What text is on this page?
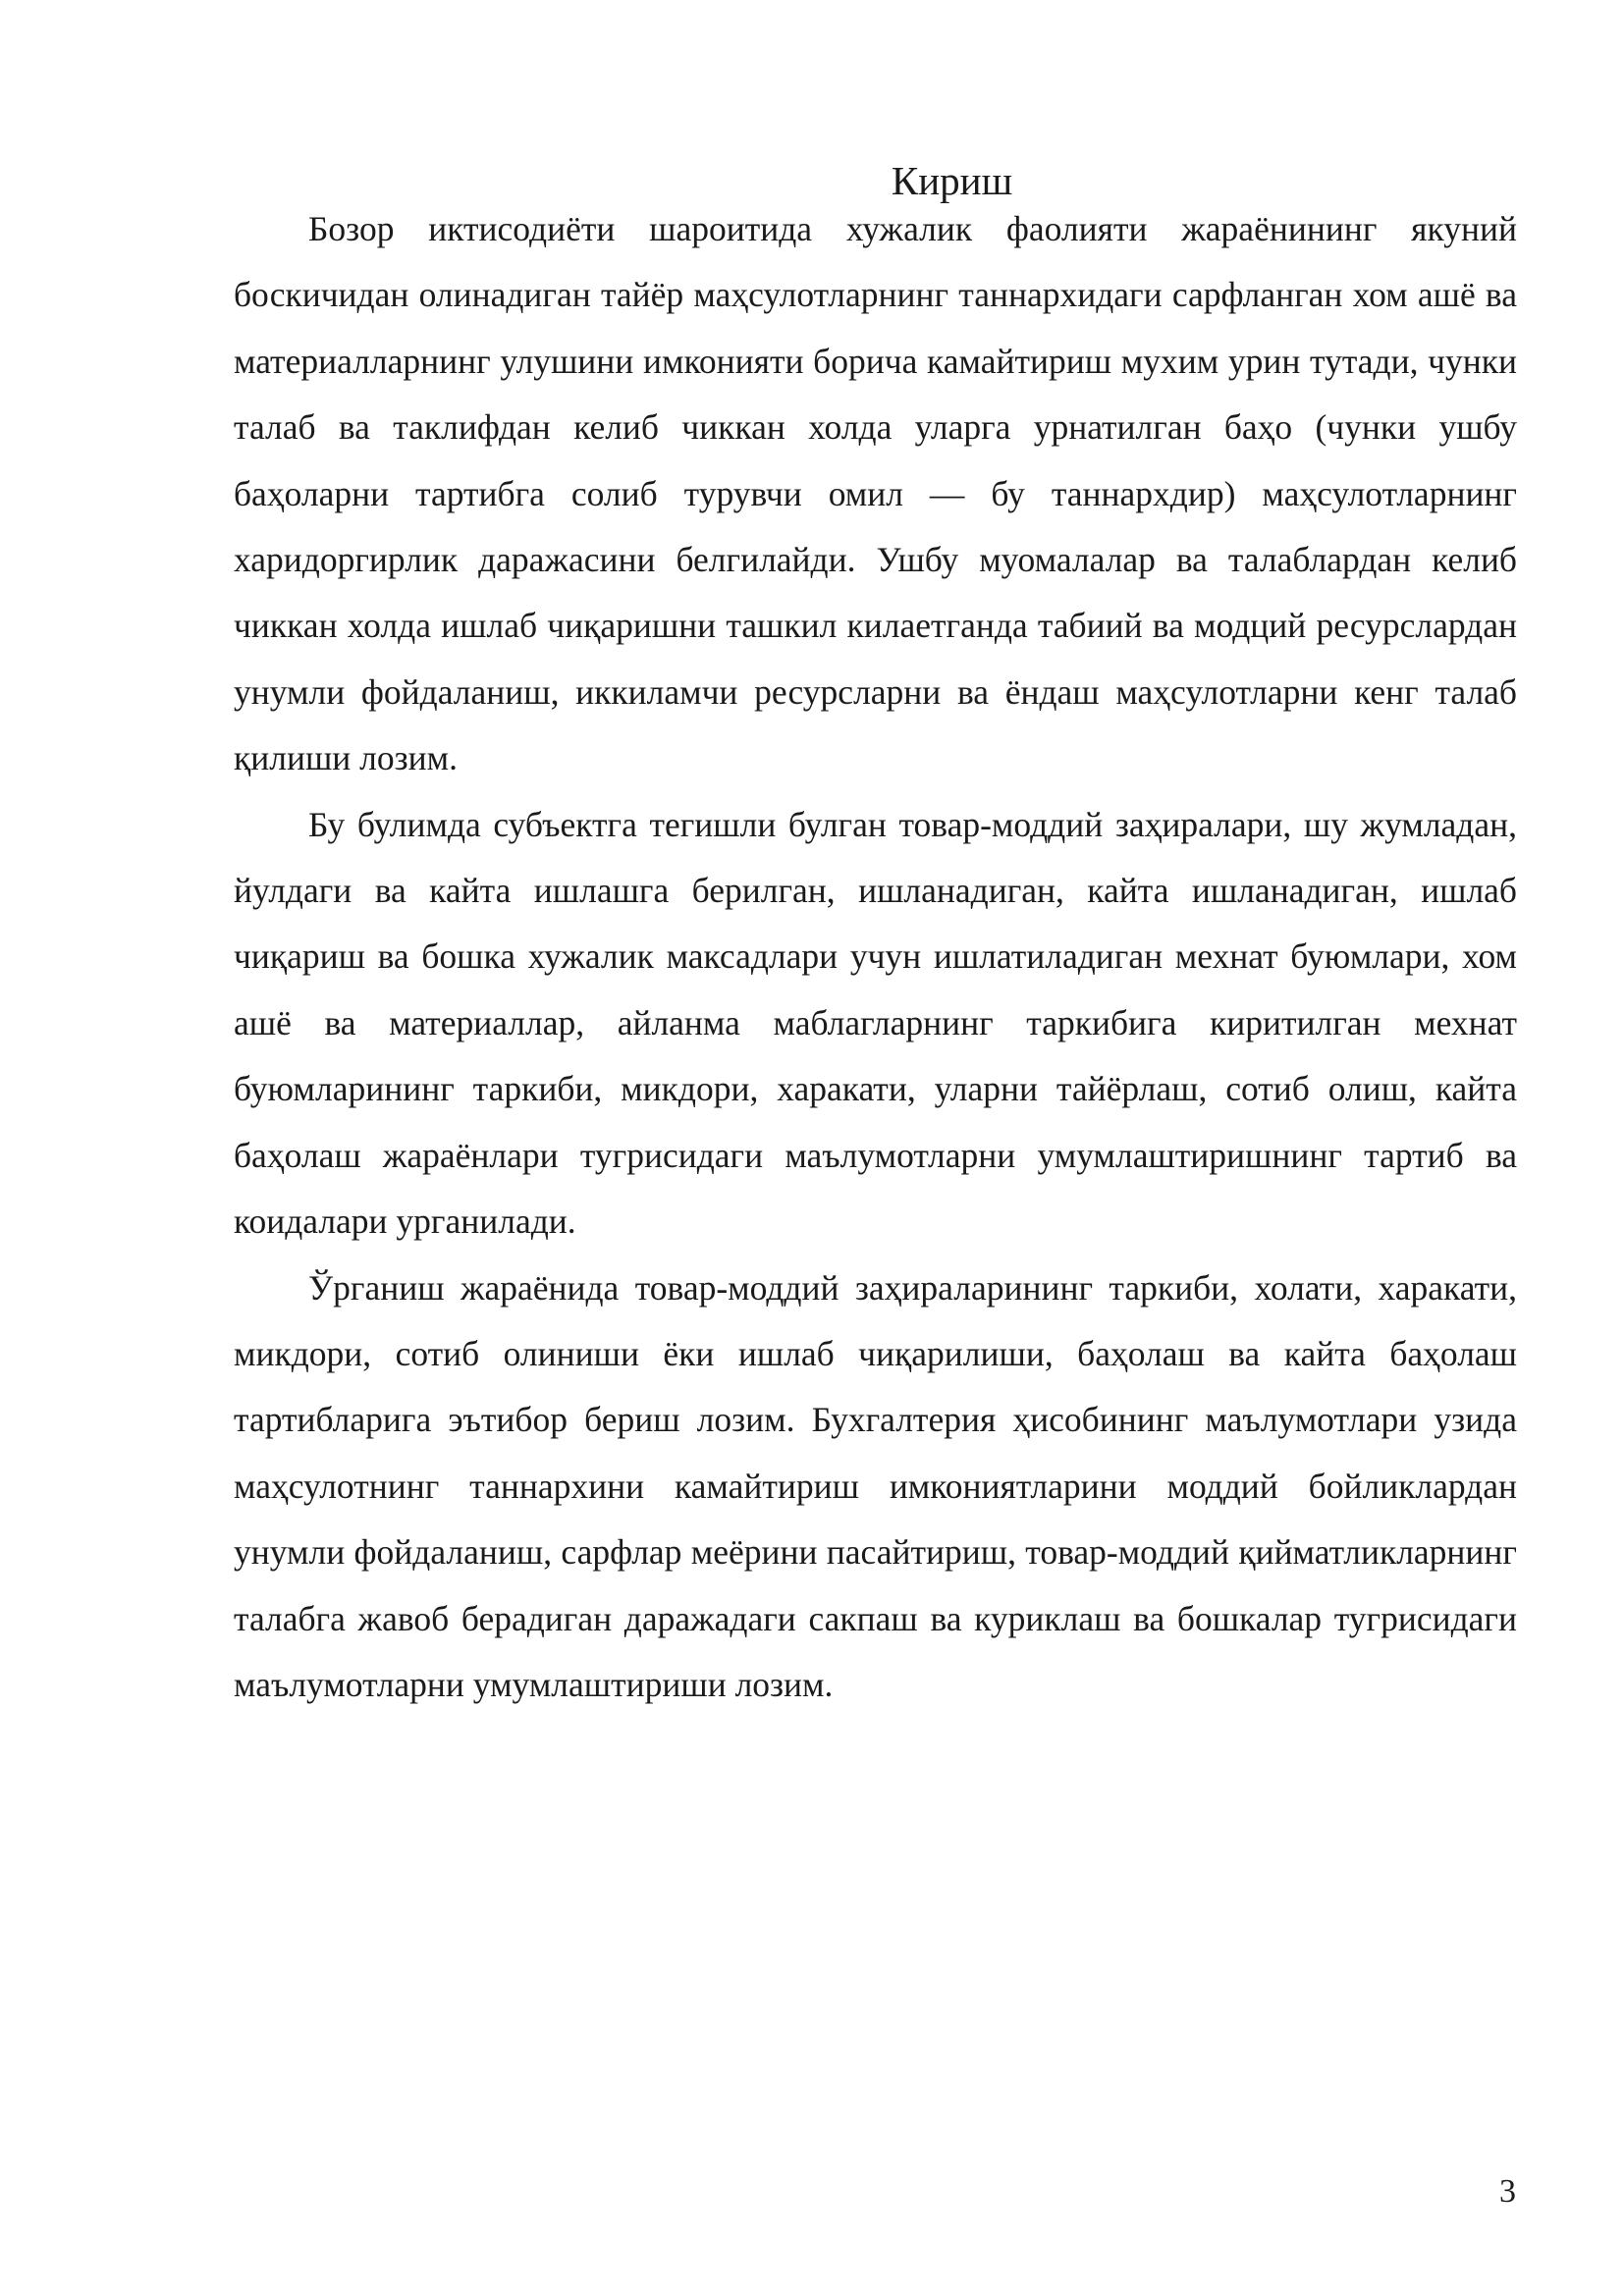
Кириш

Бозор иктисодиёти шароитида хужалик фаолияти жараёнининг якуний боскичидан олинадиган тайёр маҳсулотларнинг таннархидаги сарфланган хом ашё ва материалларнинг улушини имконияти борича камайтириш мухим урин тутади, чунки талаб ва таклифдан келиб чиккан холда уларга урнатилган баҳо (чунки ушбу баҳоларни тартибга солиб турувчи омил — бу таннархдир) маҳсулотларнинг харидоргирлик даражасини белгилайди. Ушбу муомалалар ва талаблардан келиб чиккан холда ишлаб чиқаришни ташкил килаетганда табиий ва модций ресурслардан унумли фойдаланиш, иккиламчи ресурсларни ва ёндаш маҳсулотларни кенг талаб қилиши лозим.

Бу булимда субъектга тегишли булган товар-моддий заҳиралари, шу жумладан, йулдаги ва кайта ишлашга берилган, ишланадиган, кайта ишланадиган, ишлаб чиқариш ва бошка хужалик максадлари учун ишлатиладиган мехнат буюмлари, хом ашё ва материаллар, айланма маблагларнинг таркибига киритилган мехнат буюмларининг таркиби, микдори, харакати, уларни тайёрлаш, сотиб олиш, кайта баҳолаш жараёнлари тугрисидаги маълумотларни умумлаштиришнинг тартиб ва коидалари урганилади.

Ўрганиш жараёнида товар-моддий заҳираларининг таркиби, холати, харакати, микдори, сотиб олиниши ёки ишлаб чиқарилиши, баҳолаш ва кайта баҳолаш тартибларига эътибор бериш лозим. Бухгалтерия ҳисобининг маълумотлари узида маҳсулотнинг таннархини камайтириш имкониятларини моддий бойликлардан унумли фойдаланиш, сарфлар меёрини пасайтириш, товар-моддий қийматликларнинг талабга жавоб берадиган даражадаги сакпаш ва куриклаш ва бошкалар тугрисидаги маълумотларни умумлаштириши лозим.

3
